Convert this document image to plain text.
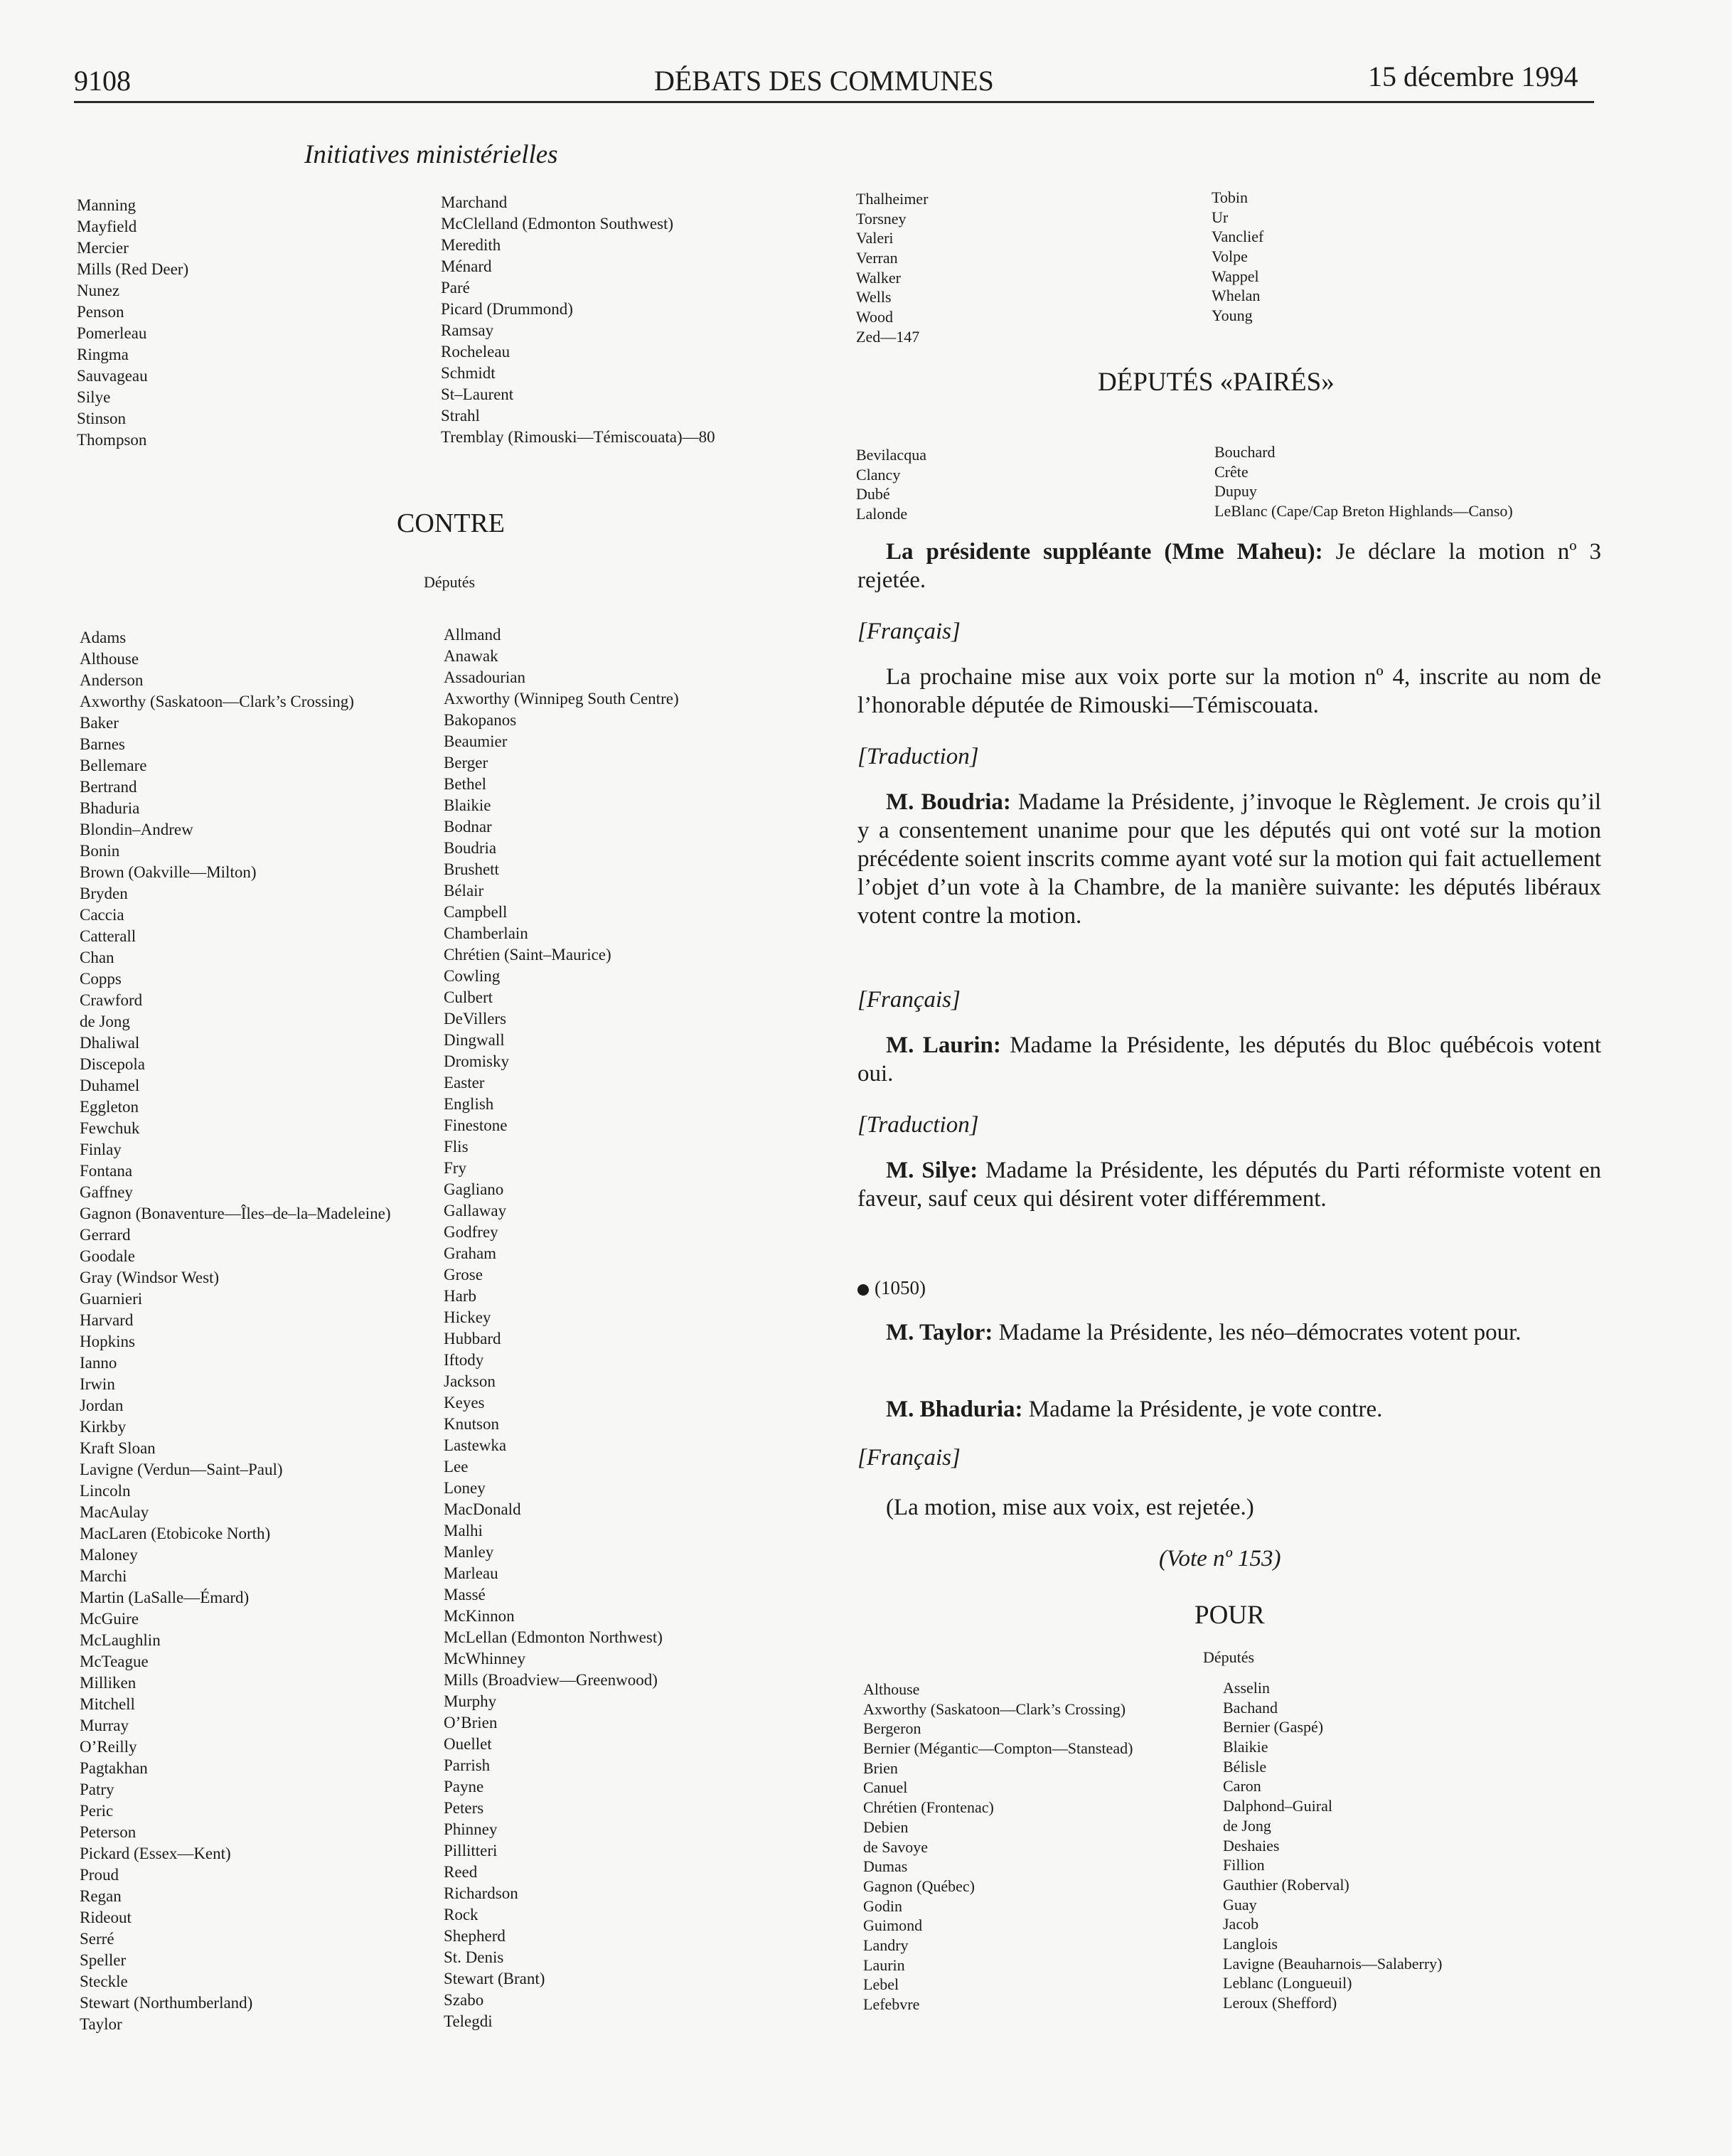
9108	DÉBATS DES COMMUNES	15 décembre 1994
Initiatives ministérielles
Manning
Mayfield
Mercier
Mills (Red Deer)
Nunez
Penson
Pomerleau
Ringma
Sauvageau
Silye
Stinson
Thompson
Marchand
McClelland (Edmonton Southwest)
Meredith
Ménard
Paré
Picard (Drummond)
Ramsay
Rocheleau
Schmidt
St–Laurent
Strahl
Tremblay (Rimouski—Témiscouata)—80
CONTRE
Députés
Adams
Althouse
Anderson
Axworthy (Saskatoon—Clark’s Crossing)
Baker
Barnes
Bellemare
Bertrand
Bhaduria
Blondin–Andrew
Bonin
Brown (Oakville—Milton)
Bryden
Caccia
Catterall
Chan
Copps
Crawford
de Jong
Dhaliwal
Discepola
Duhamel
Eggleton
Fewchuk
Finlay
Fontana
Gaffney
Gagnon (Bonaventure—Îles–de–la–Madeleine)
Gerrard
Goodale
Gray (Windsor West)
Guarnieri
Harvard
Hopkins
Ianno
Irwin
Jordan
Kirkby
Kraft Sloan
Lavigne (Verdun—Saint–Paul)
Lincoln
MacAulay
MacLaren (Etobicoke North)
Maloney
Marchi
Martin (LaSalle—Émard)
McGuire
McLaughlin
McTeague
Milliken
Mitchell
Murray
O’Reilly
Pagtakhan
Patry
Peric
Peterson
Pickard (Essex—Kent)
Proud
Regan
Rideout
Serré
Speller
Steckle
Stewart (Northumberland)
Taylor
Allmand
Anawak
Assadourian
Axworthy (Winnipeg South Centre)
Bakopanos
Beaumier
Berger
Bethel
Blaikie
Bodnar
Boudria
Brushett
Bélair
Campbell
Chamberlain
Chrétien (Saint–Maurice)
Cowling
Culbert
DeVillers
Dingwall
Dromisky
Easter
English
Finestone
Flis
Fry
Gagliano
Gallaway
Godfrey
Graham
Grose
Harb
Hickey
Hubbard
Iftody
Jackson
Keyes
Knutson
Lastewka
Lee
Loney
MacDonald
Malhi
Manley
Marleau
Massé
McKinnon
McLellan (Edmonton Northwest)
McWhinney
Mills (Broadview—Greenwood)
Murphy
O’Brien
Ouellet
Parrish
Payne
Peters
Phinney
Pillitteri
Reed
Richardson
Rock
Shepherd
St. Denis
Stewart (Brant)
Szabo
Telegdi
Thalheimer
Torsney
Valeri
Verran
Walker
Wells
Wood
Zed—147
Tobin
Ur
Vanclief
Volpe
Wappel
Whelan
Young
DÉPUTÉS «PAIRÉS»
Bevilacqua
Clancy
Dubé
Lalonde
Bouchard
Crête
Dupuy
LeBlanc (Cape/Cap Breton Highlands—Canso)
La présidente suppléante (Mme Maheu): Je déclare la motion nº 3 rejetée.
[Français]
La prochaine mise aux voix porte sur la motion nº 4, inscrite au nom de l’honorable députée de Rimouski—Témiscouata.
[Traduction]
M. Boudria: Madame la Présidente, j’invoque le Règlement. Je crois qu’il y a consentement unanime pour que les députés qui ont voté sur la motion précédente soient inscrits comme ayant voté sur la motion qui fait actuellement l’objet d’un vote à la Chambre, de la manière suivante: les députés libéraux votent contre la motion.
[Français]
M. Laurin: Madame la Présidente, les députés du Bloc québécois votent oui.
[Traduction]
M. Silye: Madame la Présidente, les députés du Parti réformiste votent en faveur, sauf ceux qui désirent voter différemment.
(1050)
M. Taylor: Madame la Présidente, les néo–démocrates votent pour.
M. Bhaduria: Madame la Présidente, je vote contre.
[Français]
(La motion, mise aux voix, est rejetée.)
(Vote nº 153)
POUR
Députés
Althouse
Axworthy (Saskatoon—Clark’s Crossing)
Bergeron
Bernier (Mégantic—Compton—Stanstead)
Brien
Canuel
Chrétien (Frontenac)
Debien
de Savoye
Dumas
Gagnon (Québec)
Godin
Guimond
Landry
Laurin
Lebel
Lefebvre
Asselin
Bachand
Bernier (Gaspé)
Blaikie
Bélisle
Caron
Dalphond–Guiral
de Jong
Deshaies
Fillion
Gauthier (Roberval)
Guay
Jacob
Langlois
Lavigne (Beauharnois—Salaberry)
Leblanc (Longueuil)
Leroux (Shefford)
